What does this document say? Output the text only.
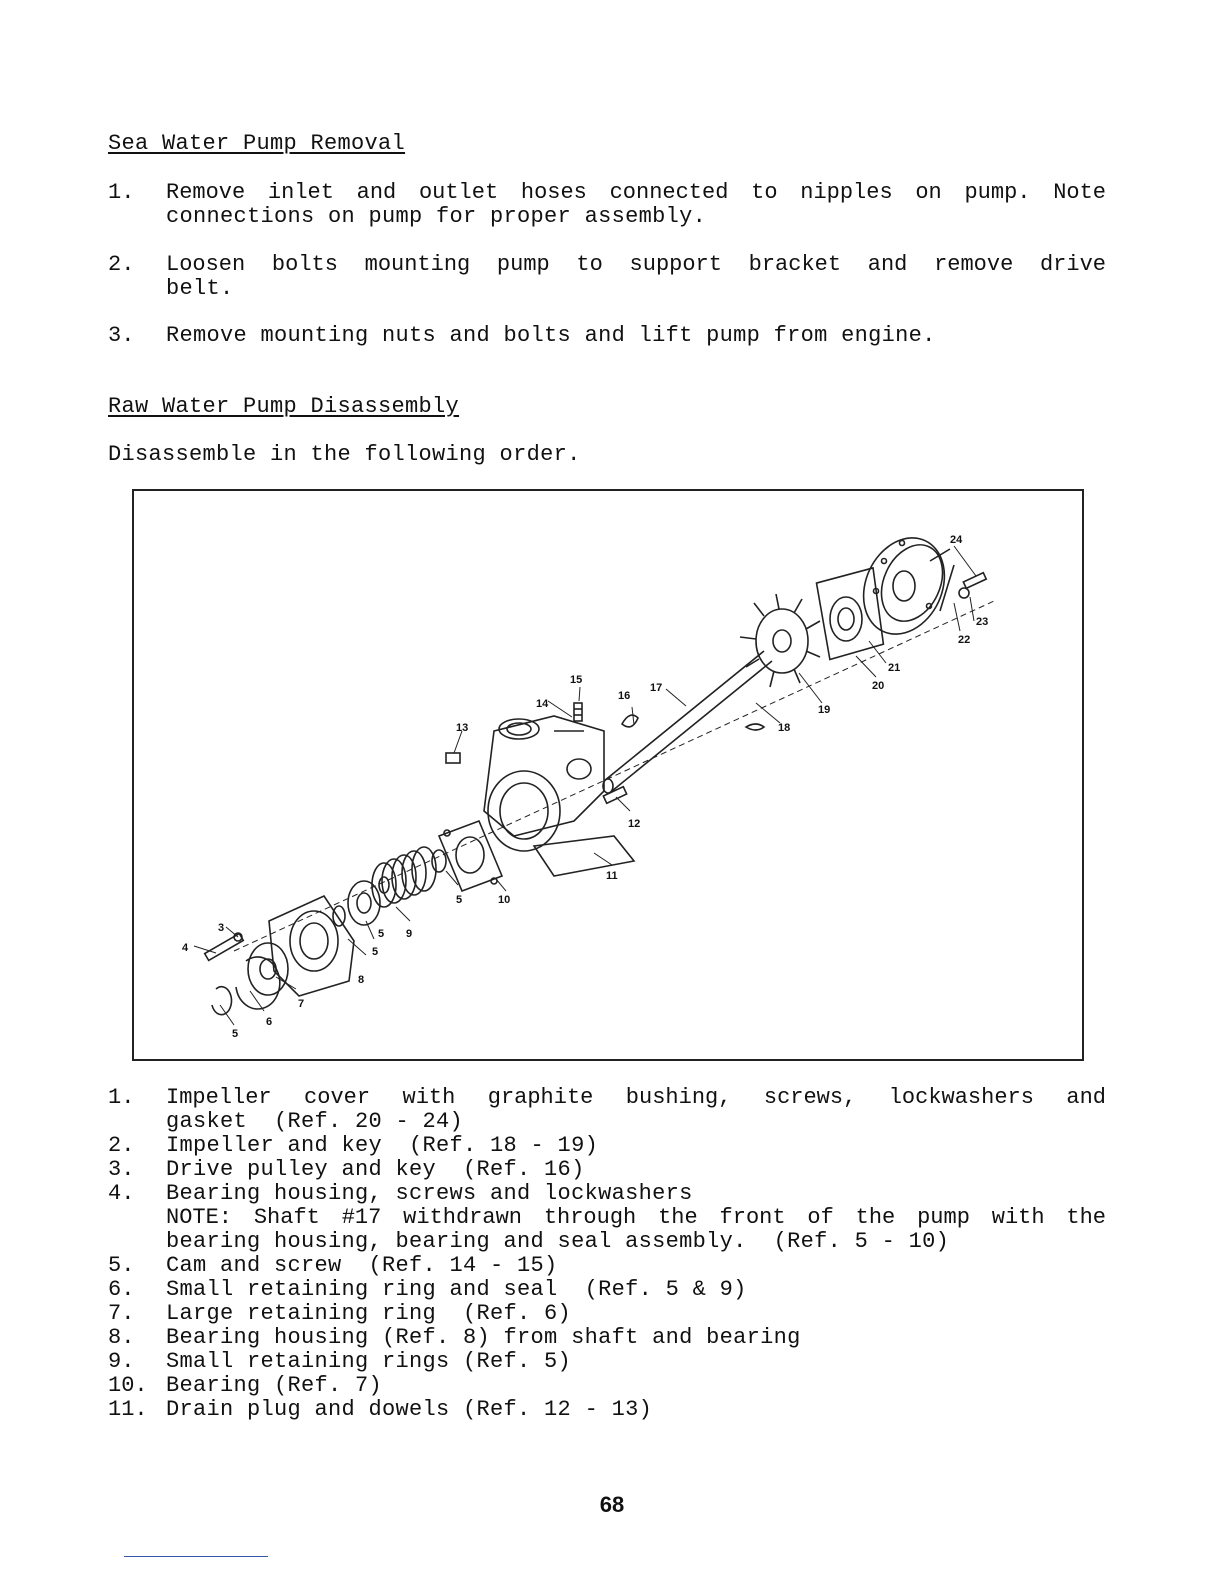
Sea Water Pump Removal
1. Remove inlet and outlet hoses connected to nipples on pump. Note
connections on pump for proper assembly.
2. Loosen bolts mounting pump to support bracket and remove drive
belt.
3. Remove mounting nuts and bolts and lift pump from engine.
Raw Water Pump Disassembly
Disassemble in the following order.
24
23
22
21
20
19
18
17
16
15
14
13
12
11
10
9
8
7
6
5
5
5
5
4
3
1. Impeller cover with graphite bushing, screws, lockwashers and
gasket  (Ref. 20 - 24)
2. Impeller and key  (Ref. 18 - 19)
3. Drive pulley and key  (Ref. 16)
4. Bearing housing, screws and lockwashers
NOTE: Shaft #17 withdrawn through the front of the pump with the
bearing housing, bearing and seal assembly.  (Ref. 5 - 10)
5. Cam and screw  (Ref. 14 - 15)
6. Small retaining ring and seal  (Ref. 5 & 9)
7. Large retaining ring  (Ref. 6)
8. Bearing housing (Ref. 8) from shaft and bearing
9. Small retaining rings (Ref. 5)
10. Bearing (Ref. 7)
11. Drain plug and dowels (Ref. 12 - 13)
68
